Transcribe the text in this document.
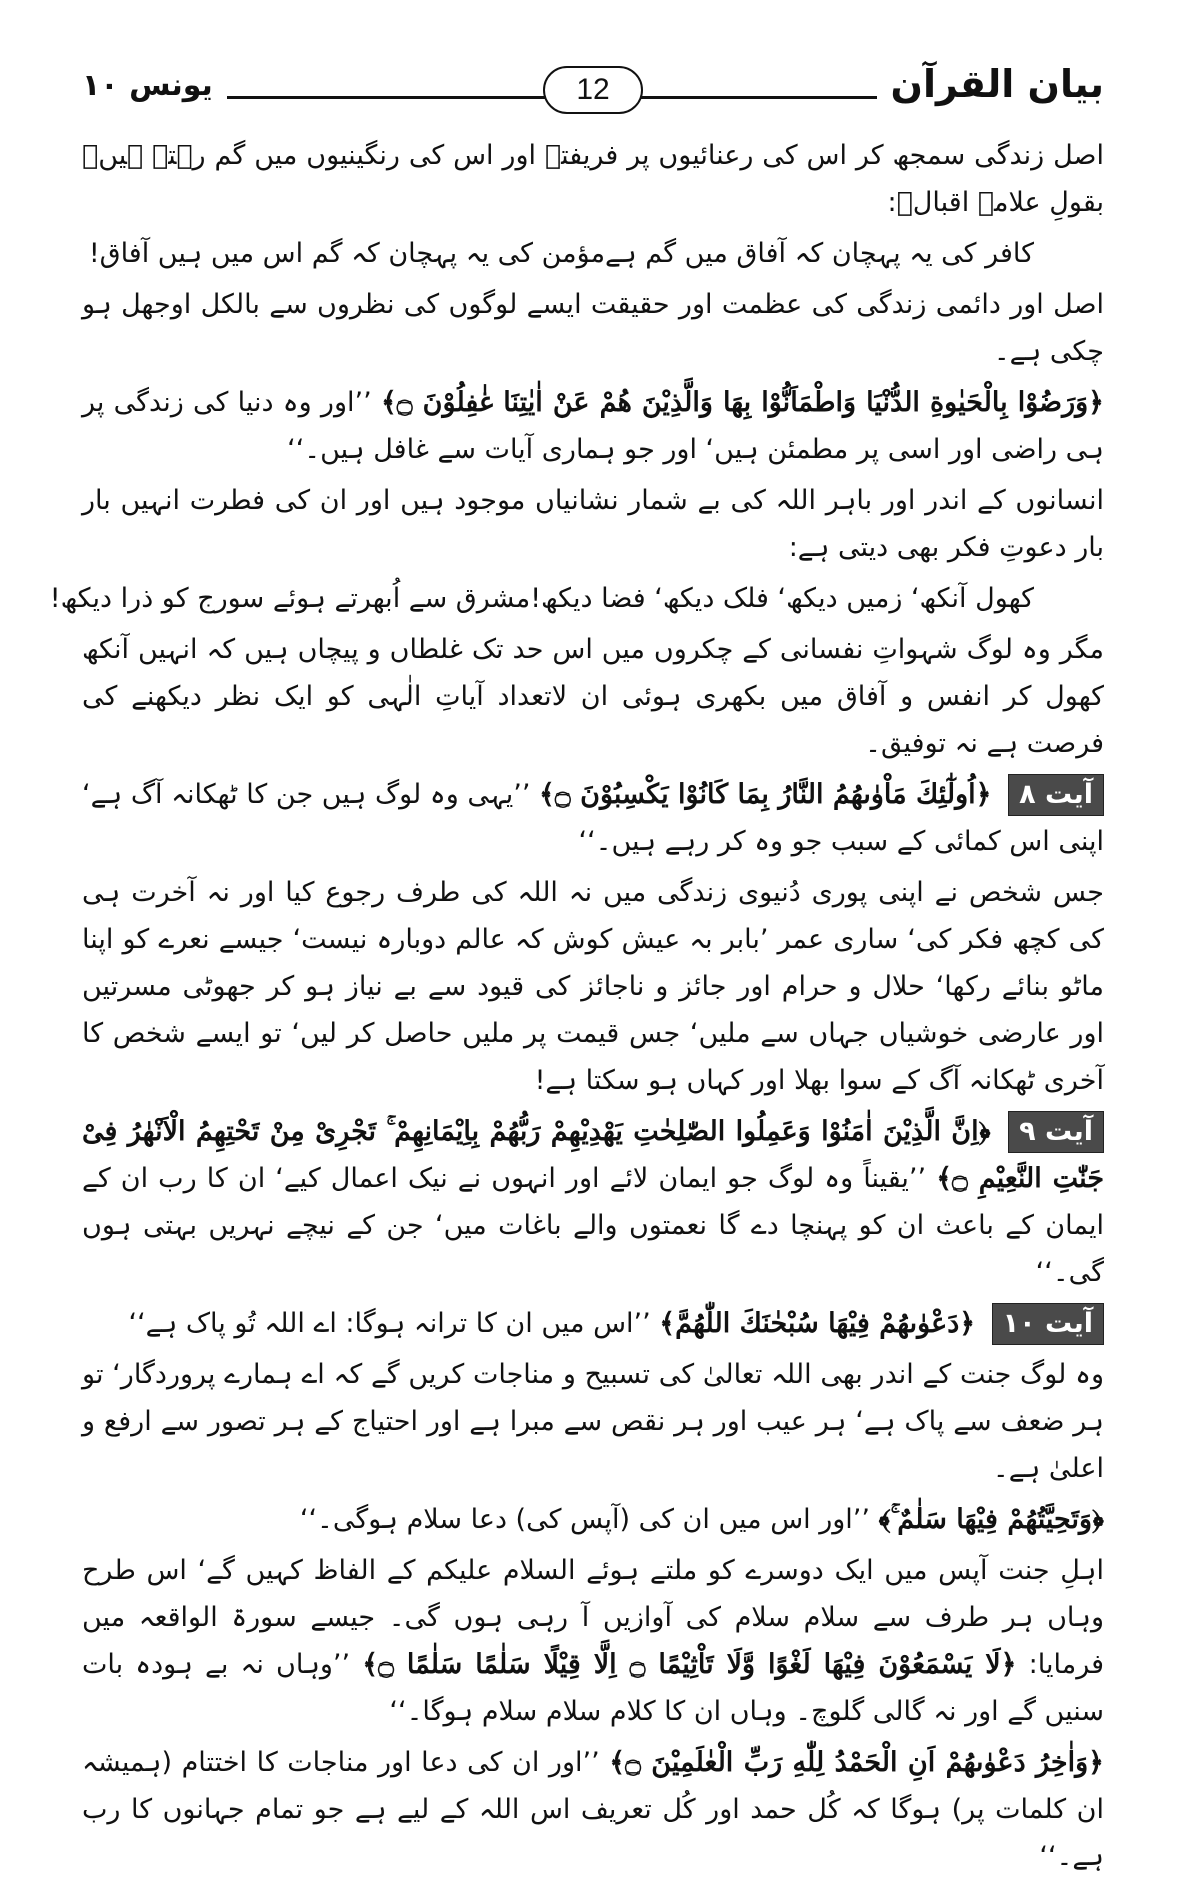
بیان القرآن
12
یونس ۱۰

اصل زندگی سمجھ کر اس کی رعنائیوں پر فریفتہ اور اس کی رنگینیوں میں گم رہتے ہیں۔ بقولِ علامہ اقبالؒ:

کافر کی یہ پہچان کہ آفاق میں گم ہے
مؤمن کی یہ پہچان کہ گم اس میں ہیں آفاق!

اصل اور دائمی زندگی کی عظمت اور حقیقت ایسے لوگوں کی نظروں سے بالکل اوجھل ہو چکی ہے۔

﴿وَرَضُوْا بِالْحَیٰوةِ الدُّنْیَا وَاطْمَاَنُّوْا بِهَا وَالَّذِیْنَ هُمْ عَنْ اٰیٰتِنَا غٰفِلُوْنَ ۝﴾ ’’اور وہ دنیا کی زندگی پر ہی راضی اور اسی پر مطمئن ہیں‘ اور جو ہماری آیات سے غافل ہیں۔‘‘

انسانوں کے اندر اور باہر اللہ کی بے شمار نشانیاں موجود ہیں اور ان کی فطرت انہیں بار بار دعوتِ فکر بھی دیتی ہے:

کھول آنکھ‘ زمیں دیکھ‘ فلک دیکھ‘ فضا دیکھ!
مشرق سے اُبھرتے ہوئے سورج کو ذرا دیکھ!

مگر وہ لوگ شہواتِ نفسانی کے چکروں میں اس حد تک غلطاں و پیچاں ہیں کہ انہیں آنکھ کھول کر انفس و آفاق میں بکھری ہوئی ان لاتعداد آیاتِ الٰہی کو ایک نظر دیکھنے کی فرصت ہے نہ توفیق۔

آیت ۸ ﴿اُولٰٓئِكَ مَاْوٰىهُمُ النَّارُ بِمَا كَانُوْا یَكْسِبُوْنَ ۝﴾ ’’یہی وہ لوگ ہیں جن کا ٹھکانہ آگ ہے‘ اپنی اس کمائی کے سبب جو وہ کر رہے ہیں۔‘‘

جس شخص نے اپنی پوری دُنیوی زندگی میں نہ اللہ کی طرف رجوع کیا اور نہ آخرت ہی کی کچھ فکر کی‘ ساری عمر ’بابر بہ عیش کوش کہ عالم دوبارہ نیست‘ جیسے نعرے کو اپنا ماٹو بنائے رکھا‘ حلال و حرام اور جائز و ناجائز کی قیود سے بے نیاز ہو کر جھوٹی مسرتیں اور عارضی خوشیاں جہاں سے ملیں‘ جس قیمت پر ملیں حاصل کر لیں‘ تو ایسے شخص کا آخری ٹھکانہ آگ کے سوا بھلا اور کہاں ہو سکتا ہے!

آیت ۹ ﴿اِنَّ الَّذِیْنَ اٰمَنُوْا وَعَمِلُوا الصّٰلِحٰتِ یَهْدِیْهِمْ رَبُّهُمْ بِاِیْمَانِهِمْ ۚ تَجْرِیْ مِنْ تَحْتِهِمُ الْاَنْهٰرُ فِیْ جَنّٰتِ النَّعِیْمِ ۝﴾ ’’یقیناً وہ لوگ جو ایمان لائے اور انہوں نے نیک اعمال کیے‘ ان کا رب ان کے ایمان کے باعث ان کو پہنچا دے گا نعمتوں والے باغات میں‘ جن کے نیچے نہریں بہتی ہوں گی۔‘‘

آیت ۱۰ ﴿دَعْوٰىهُمْ فِیْهَا سُبْحٰنَكَ اللّٰهُمَّ﴾ ’’اس میں ان کا ترانہ ہوگا: اے اللہ تُو پاک ہے‘‘

وہ لوگ جنت کے اندر بھی اللہ تعالیٰ کی تسبیح و مناجات کریں گے کہ اے ہمارے پروردگار‘ تو ہر ضعف سے پاک ہے‘ ہر عیب اور ہر نقص سے مبرا ہے اور احتیاج کے ہر تصور سے ارفع و اعلیٰ ہے۔

﴿وَتَحِیَّتُهُمْ فِیْهَا سَلٰمٌ ۚ﴾ ’’اور اس میں ان کی (آپس کی) دعا سلام ہوگی۔‘‘

اہلِ جنت آپس میں ایک دوسرے کو ملتے ہوئے السلام علیکم کے الفاظ کہیں گے‘ اس طرح وہاں ہر طرف سے سلام سلام کی آوازیں آ رہی ہوں گی۔ جیسے سورۃ الواقعہ میں فرمایا: ﴿لَا یَسْمَعُوْنَ فِیْهَا لَغْوًا وَّلَا تَاْثِیْمًا ۝ اِلَّا قِیْلًا سَلٰمًا سَلٰمًا ۝﴾ ’’وہاں نہ بے ہودہ بات سنیں گے اور نہ گالی گلوچ۔ وہاں ان کا کلام سلام سلام ہوگا۔‘‘

﴿وَاٰخِرُ دَعْوٰىهُمْ اَنِ الْحَمْدُ لِلّٰهِ رَبِّ الْعٰلَمِیْنَ ۝﴾ ’’اور ان کی دعا اور مناجات کا اختتام (ہمیشہ ان کلمات پر) ہوگا کہ کُل حمد اور کُل تعریف اس اللہ کے لیے ہے جو تمام جہانوں کا رب ہے۔‘‘
